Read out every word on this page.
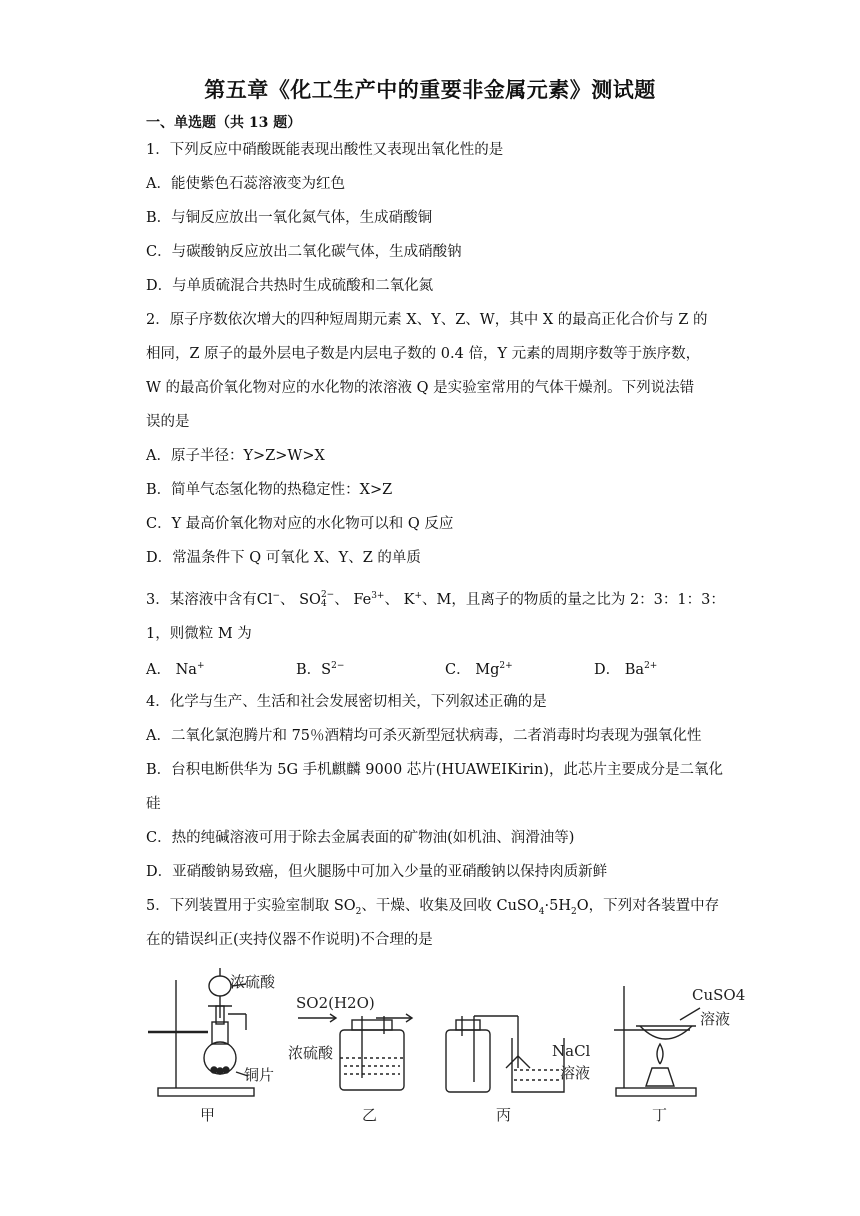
第五章《化工生产中的重要非金属元素》测试题
一、单选题（共 13 题）
1．下列反应中硝酸既能表现出酸性又表现出氧化性的是
A．能使紫色石蕊溶液变为红色
B．与铜反应放出一氧化氮气体，生成硝酸铜
C．与碳酸钠反应放出二氧化碳气体，生成硝酸钠
D．与单质硫混合共热时生成硫酸和二氧化氮
2．原子序数依次增大的四种短周期元素 X、Y、Z、W，其中 X 的最高正化合价与 Z 的
相同，Z 原子的最外层电子数是内层电子数的 0.4 倍，Y 元素的周期序数等于族序数，
W 的最高价氧化物对应的水化物的浓溶液 Q 是实验室常用的气体干燥剂。下列说法错
误的是
A．原子半径：Y>Z>W>X
B．简单气态氢化物的热稳定性：X>Z
C．Y 最高价氧化物对应的水化物可以和 Q 反应
D．常温条件下 Q 可氧化 X、Y、Z 的单质
3．某溶液中含有Cl−、 SO 2−
4 、 $Fe^{3+}$、 K+、M，且离子的物质的量之比为 2：3：1：3：
1，则微粒 M 为
A． Na+	B．$S^{2-}$	C． $Mg^{2+}$	D． $Ba^{2+}$
4．化学与生产、生活和社会发展密切相关，下列叙述正确的是
A．二氧化氯泡腾片和 75％酒精均可杀灭新型冠状病毒，二者消毒时均表现为强氧化性
B．台积电断供华为 5G 手机麒麟 9000 芯片(HUAWEIKirin)，此芯片主要成分是二氧化
硅
C．热的纯碱溶液可用于除去金属表面的矿物油(如机油、润滑油等)
D．亚硝酸钠易致癌，但火腿肠中可加入少量的亚硝酸钠以保持肉质新鲜
5．下列装置用于实验室制取 $SO_2$、干燥、收集及回收 $CuSO_4\cdot 5H_2O$，下列对各装置中存
在的错误纠正(夹持仪器不作说明)不合理的是
浓硫酸
铜片
甲
SO2(H2O)
浓硫酸
乙
NaCl
溶液
丙
CuSO4
溶液
丁
